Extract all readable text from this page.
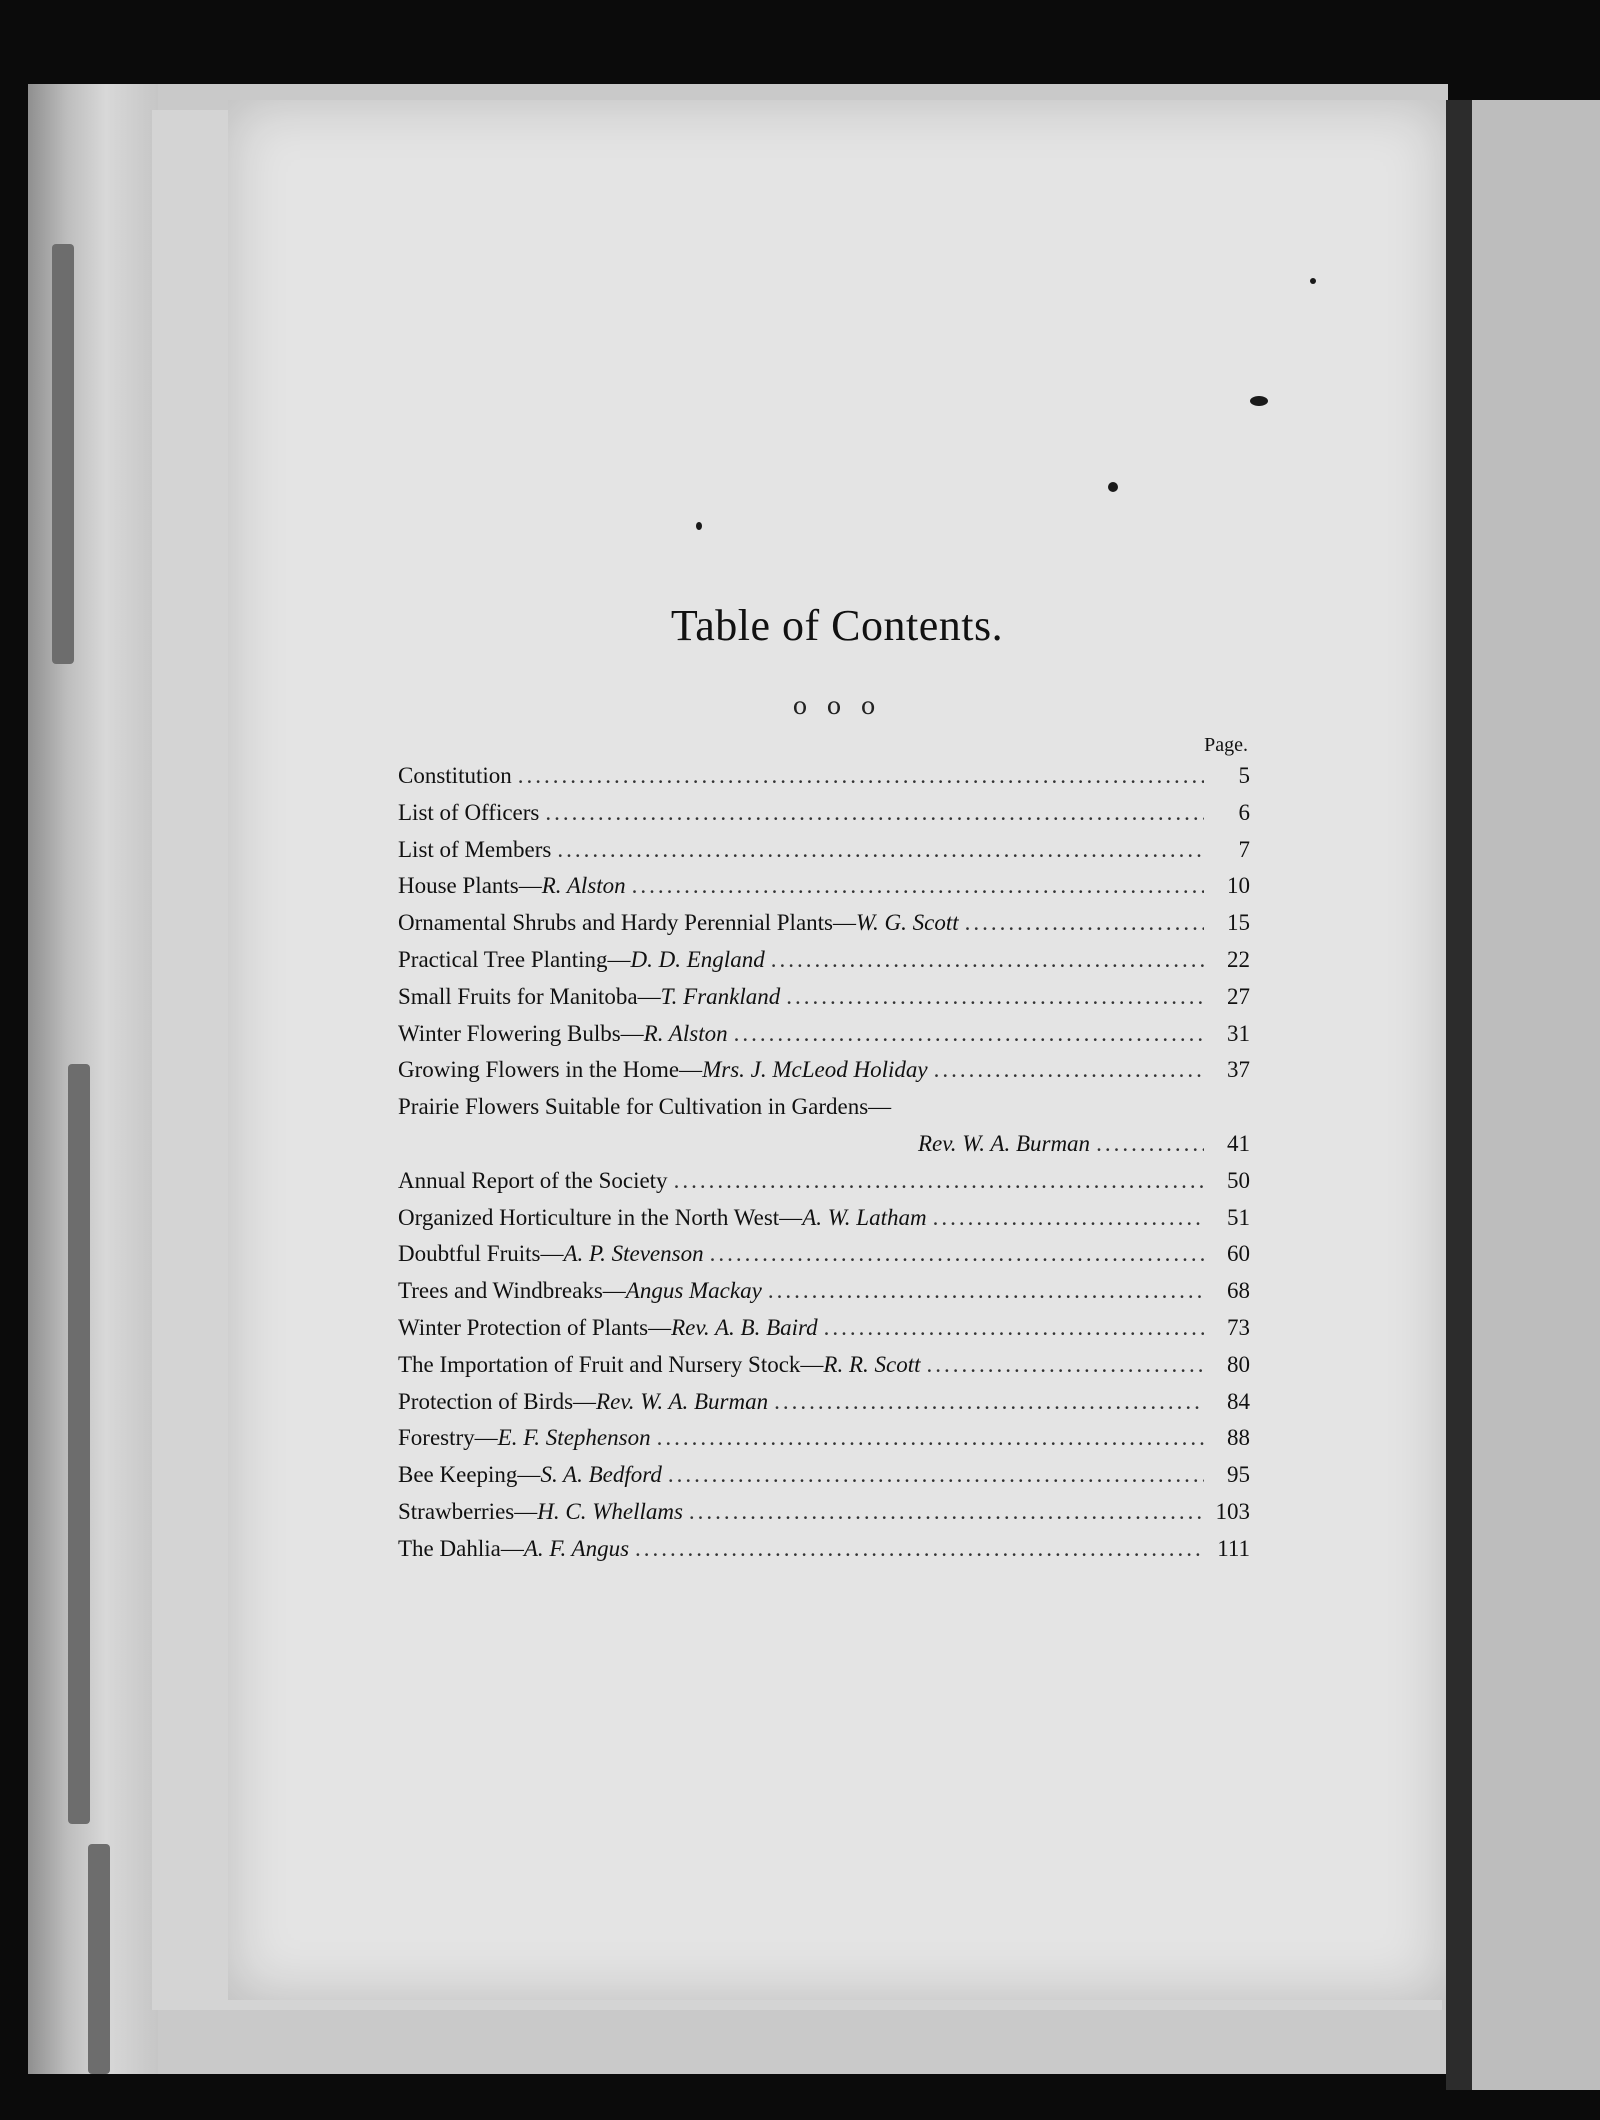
Table of Contents.
o o o
Page.
Constitution .....	5
List of Officers .....	6
List of Members .....	7
House Plants— R. Alston .....	10
Ornamental Shrubs and Hardy Perennial Plants— W. G. Scott .....	15
Practical Tree Planting— D. D. England .....	22
Small Fruits for Manitoba— T. Frankland .....	27
Winter Flowering Bulbs— R. Alston .....	31
Growing Flowers in the Home— Mrs. J. McLeod Holiday .....	37
Prairie Flowers Suitable for Cultivation in Gardens—
Rev. W. A. Burman .....	41
Annual Report of the Society .....	50
Organized Horticulture in the North West— A. W. Latham .....	51
Doubtful Fruits— A. P. Stevenson .....	60
Trees and Windbreaks— Angus Mackay .....	68
Winter Protection of Plants— Rev. A. B. Baird .....	73
The Importation of Fruit and Nursery Stock— R. R. Scott .....	80
Protection of Birds— Rev. W. A. Burman .....	84
Forestry— E. F. Stephenson .....	88
Bee Keeping— S. A. Bedford .....	95
Strawberries— H. C. Whellams .....	103
The Dahlia— A. F. Angus .....	111
